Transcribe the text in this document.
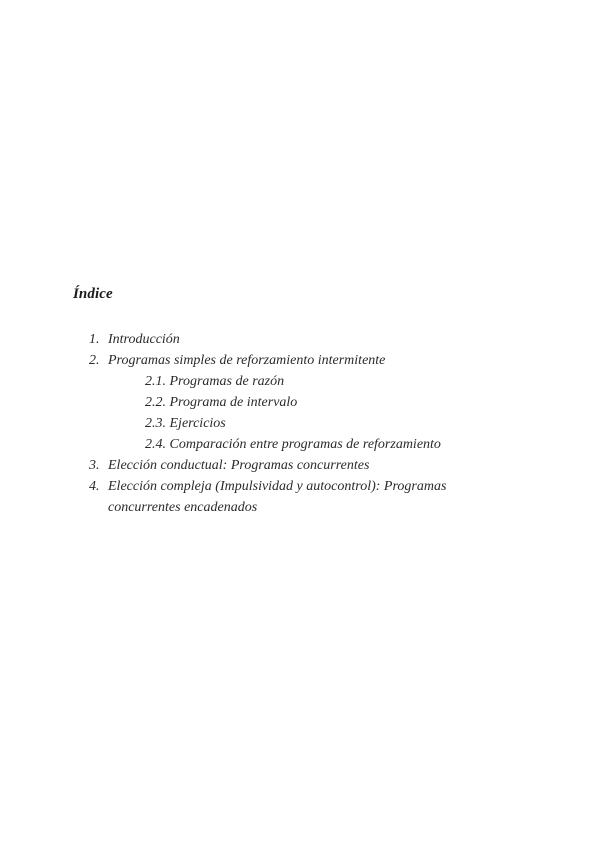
Índice
1. Introducción
2. Programas simples de reforzamiento intermitente
2.1. Programas de razón
2.2. Programa de intervalo
2.3. Ejercicios
2.4. Comparación entre programas de reforzamiento
3. Elección conductual: Programas concurrentes
4. Elección compleja (Impulsividad y autocontrol): Programas concurrentes encadenados
